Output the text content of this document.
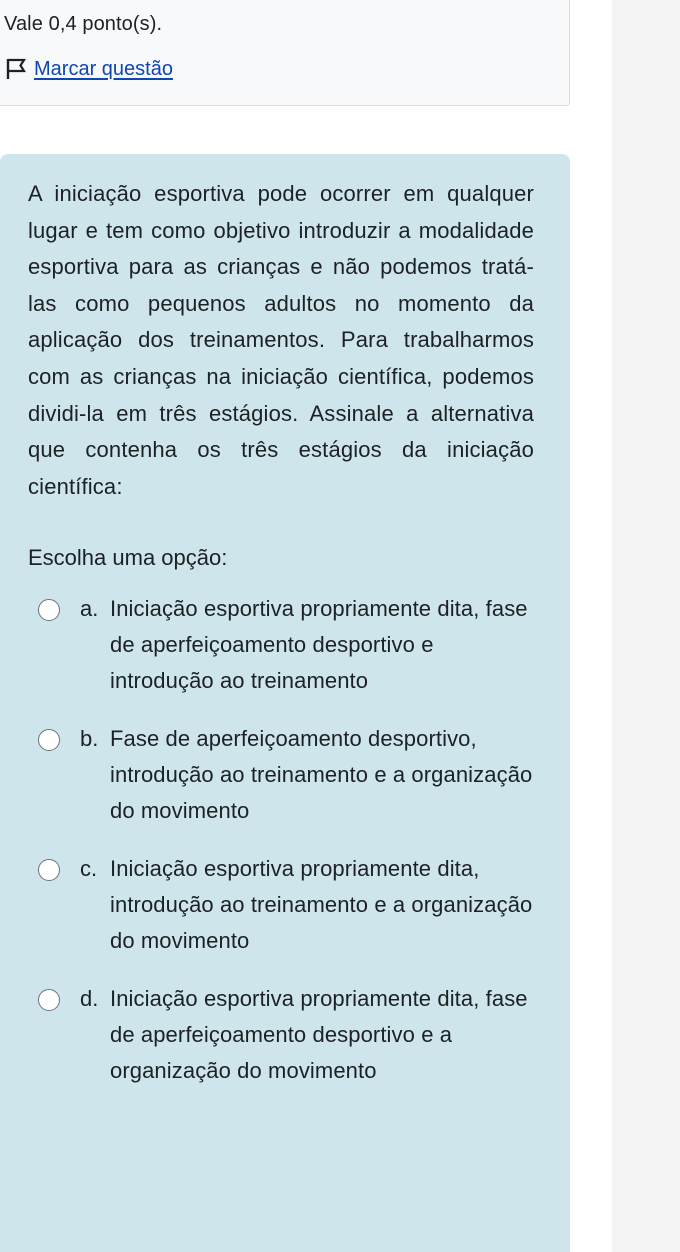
Vale 0,4 ponto(s).
Marcar questão

A iniciação esportiva pode ocorrer em qualquer lugar e tem como objetivo introduzir a modalidade esportiva para as crianças e não podemos tratá-las como pequenos adultos no momento da aplicação dos treinamentos. Para trabalharmos com as crianças na iniciação científica, podemos dividi-la em três estágios. Assinale a alternativa que contenha os três estágios da iniciação científica:

Escolha uma opção:
a. Iniciação esportiva propriamente dita, fase de aperfeiçoamento desportivo e introdução ao treinamento
b. Fase de aperfeiçoamento desportivo, introdução ao treinamento e a organização do movimento
c. Iniciação esportiva propriamente dita, introdução ao treinamento e a organização do movimento
d. Iniciação esportiva propriamente dita, fase de aperfeiçoamento desportivo e a organização do movimento
